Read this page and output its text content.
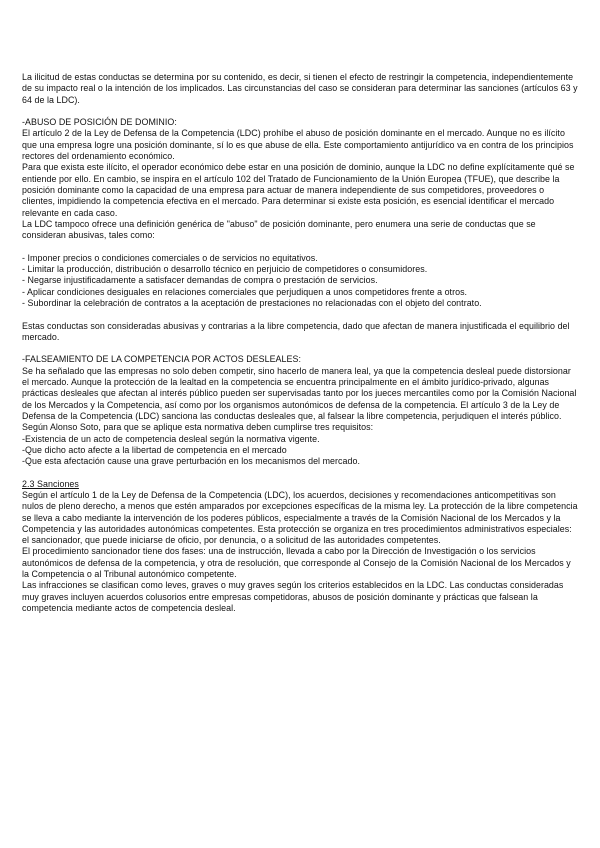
La ilicitud de estas conductas se determina por su contenido, es decir, si tienen el efecto de restringir la competencia, independientemente de su impacto real o la intención de los implicados. Las circunstancias del caso se consideran para determinar las sanciones (artículos 63 y 64 de la LDC).

-ABUSO DE POSICIÓN DE DOMINIO:

El artículo 2 de la Ley de Defensa de la Competencia (LDC) prohíbe el abuso de posición dominante en el mercado. Aunque no es ilícito que una empresa logre una posición dominante, sí lo es que abuse de ella. Este comportamiento antijurídico va en contra de los principios rectores del ordenamiento económico.

Para que exista este ilícito, el operador económico debe estar en una posición de dominio, aunque la LDC no define explícitamente qué se entiende por ello. En cambio, se inspira en el artículo 102 del Tratado de Funcionamiento de la Unión Europea (TFUE), que describe la posición dominante como la capacidad de una empresa para actuar de manera independiente de sus competidores, proveedores o clientes, impidiendo la competencia efectiva en el mercado. Para determinar si existe esta posición, es esencial identificar el mercado relevante en cada caso.

La LDC tampoco ofrece una definición genérica de "abuso" de posición dominante, pero enumera una serie de conductas que se consideran abusivas, tales como:

- Imponer precios o condiciones comerciales o de servicios no equitativos.

- Limitar la producción, distribución o desarrollo técnico en perjuicio de competidores o consumidores.

- Negarse injustificadamente a satisfacer demandas de compra o prestación de servicios.

- Aplicar condiciones desiguales en relaciones comerciales que perjudiquen a unos competidores frente a otros.

- Subordinar la celebración de contratos a la aceptación de prestaciones no relacionadas con el objeto del contrato.

Estas conductas son consideradas abusivas y contrarias a la libre competencia, dado que afectan de manera injustificada el equilibrio del mercado.

-FALSEAMIENTO DE LA COMPETENCIA POR ACTOS DESLEALES:

Se ha señalado que las empresas no solo deben competir, sino hacerlo de manera leal, ya que la competencia desleal puede distorsionar el mercado. Aunque la protección de la lealtad en la competencia se encuentra principalmente en el ámbito jurídico-privado, algunas prácticas desleales que afectan al interés público pueden ser supervisadas tanto por los jueces mercantiles como por la Comisión Nacional de los Mercados y la Competencia, así como por los organismos autonómicos de defensa de la competencia. El artículo 3 de la Ley de Defensa de la Competencia (LDC) sanciona las conductas desleales que, al falsear la libre competencia, perjudiquen el interés público. Según Alonso Soto, para que se aplique esta normativa deben cumplirse tres requisitos:

-Existencia de un acto de competencia desleal según la normativa vigente.

-Que dicho acto afecte a la libertad de competencia en el mercado

-Que esta afectación cause una grave perturbación en los mecanismos del mercado.

2.3 Sanciones

Según el artículo 1 de la Ley de Defensa de la Competencia (LDC), los acuerdos, decisiones y recomendaciones anticompetitivas son nulos de pleno derecho, a menos que estén amparados por excepciones específicas de la misma ley. La protección de la libre competencia se lleva a cabo mediante la intervención de los poderes públicos, especialmente a través de la Comisión Nacional de los Mercados y la Competencia y las autoridades autonómicas competentes. Esta protección se organiza en tres procedimientos administrativos especiales: el sancionador, que puede iniciarse de oficio, por denuncia, o a solicitud de las autoridades competentes.

El procedimiento sancionador tiene dos fases: una de instrucción, llevada a cabo por la Dirección de Investigación o los servicios autonómicos de defensa de la competencia, y otra de resolución, que corresponde al Consejo de la Comisión Nacional de los Mercados y la Competencia o al Tribunal autonómico competente.

Las infracciones se clasifican como leves, graves o muy graves según los criterios establecidos en la LDC. Las conductas consideradas muy graves incluyen acuerdos colusorios entre empresas competidoras, abusos de posición dominante y prácticas que falsean la competencia mediante actos de competencia desleal.
